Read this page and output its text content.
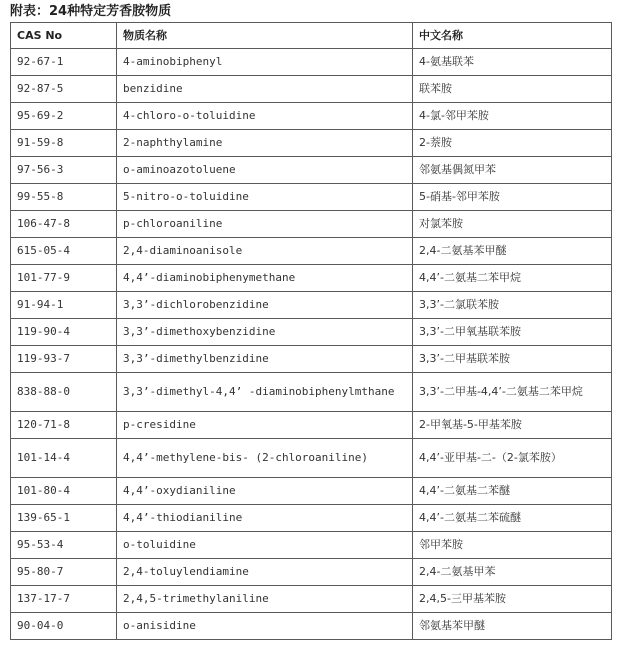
附表：24种特定芳香胺物质
CAS No	物质名称	中文名称
92-67-1	4-aminobiphenyl	4-氨基联苯
92-87-5	benzidine	联苯胺
95-69-2	4-chloro-o-toluidine	4-氯-邻甲苯胺
91-59-8	2-naphthylamine	2-萘胺
97-56-3	o-aminoazotoluene	邻氨基偶氮甲苯
99-55-8	5-nitro-o-toluidine	5-硝基-邻甲苯胺
106-47-8	p-chloroaniline	对氯苯胺
615-05-4	2,4-diaminoanisole	2,4-二氨基苯甲醚
101-77-9	4,4’-diaminobiphenymethane	4,4’-二氨基二苯甲烷
91-94-1	3,3’-dichlorobenzidine	3,3’-二氯联苯胺
119-90-4	3,3’-dimethoxybenzidine	3,3’-二甲氧基联苯胺
119-93-7	3,3’-dimethylbenzidine	3,3’-二甲基联苯胺
838-88-0	3,3’-dimethyl-4,4’ -diaminobiphenylmthane	3,3’-二甲基-4,4’-二氨基二苯甲烷
120-71-8	p-cresidine	2-甲氧基-5-甲基苯胺
101-14-4	4,4’-methylene-bis- (2-chloroaniline)	4,4’-亚甲基-二-（2-氯苯胺）
101-80-4	4,4’-oxydianiline	4,4’-二氨基二苯醚
139-65-1	4,4’-thiodianiline	4,4’-二氨基二苯硫醚
95-53-4	o-toluidine	邻甲苯胺
95-80-7	2,4-toluylendiamine	2,4-二氨基甲苯
137-17-7	2,4,5-trimethylaniline	2,4,5-三甲基苯胺
90-04-0	o-anisidine	邻氨基苯甲醚
